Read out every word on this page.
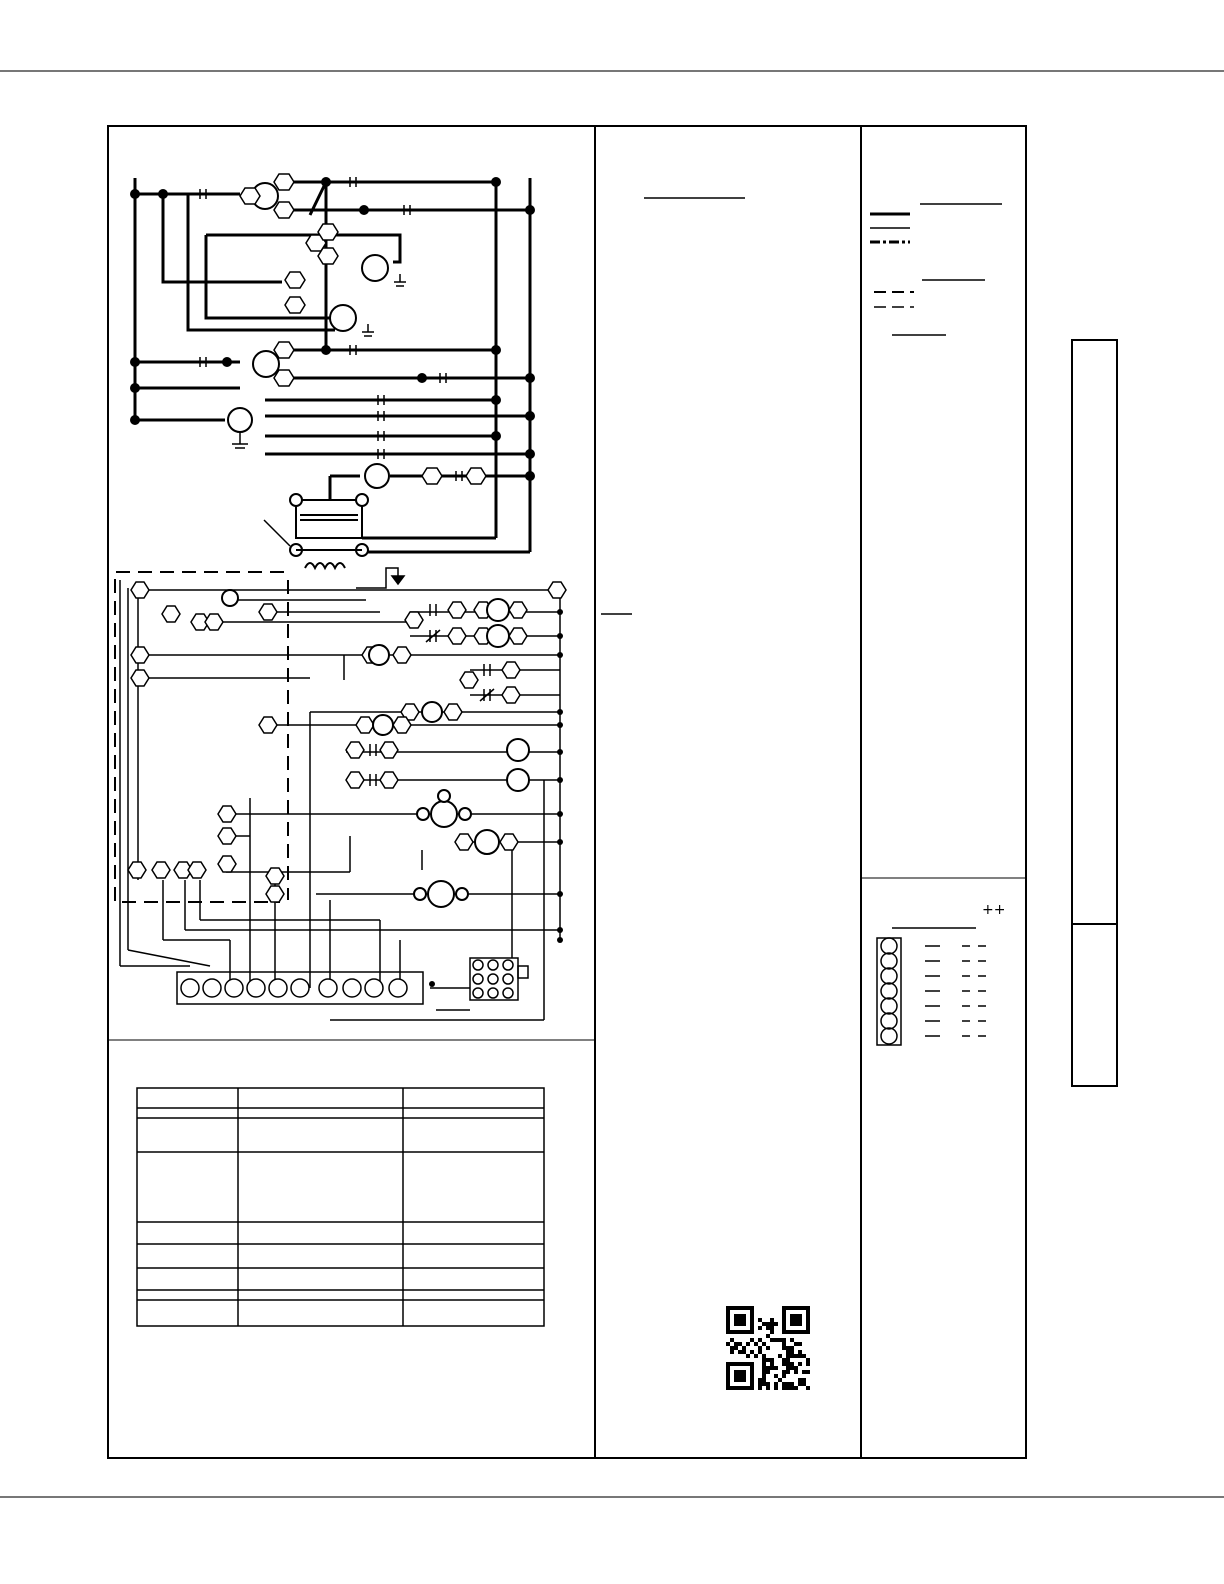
++
